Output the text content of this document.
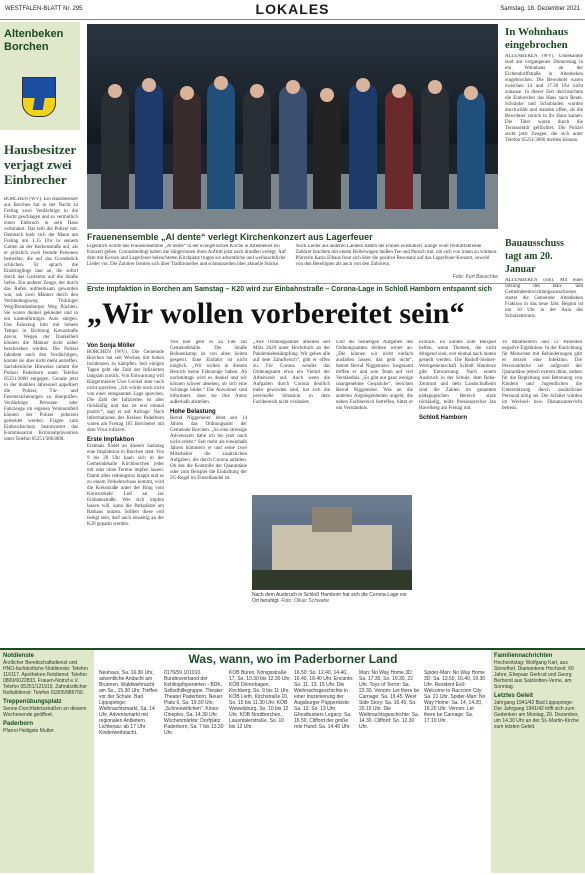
WESTFALEN-BLATT Nr. 295	LOKALES	Samstag, 18. Dezember 2021
Altenbeken
Borchen
Hausbesitzer verjagt zwei Einbrecher
BORCHEN (WV). Ein Hausbesitzer aus Borchen hat in der Nacht zu Freitag zwei Verdächtige in die Flucht geschlagen und so vermutlich einen Einbruch in sein Haus verhindert. Das teilt die Polizei mit. Demnach hielt sich der Mann am Freitag um 1.15 Uhr in seinem Garten an der Kerkenstraße auf, als er plötzlich zwei fremde Personen bemerkte, die auf das Grundstück schlichen. Er sprach die Eindringlinge laut an, die sofort durch das Gartentor auf die Straße liefen. Ein anderer Zeuge, der durch das Rufen aufmerksam geworden war, sah zwei Männer durch den Verbindungsweg Thüringer Weg/Brandenburger Weg flüchten. Sie waren dunkel gekleidet und in ein kastenförmiges Auto stiegen. Das Fahrzeug fuhr mit hohem Tempo in Richtung Kreuzstraße davon. Wegen der Dunkelheit können die Männer nicht näher beschrieben werden. Die Polizei fahndete nach den Verdächtigen, konnte sie aber nicht mehr antreffen. Sachdienliche Hinweise nimmt die Polizei Paderborn unter Telefon 05251/3060 entgegen. Gerade jetzt in der dunklen Jahreszeit appelliert die Polizei, Tür- und Fenstersicherungen zu überprüfen. Verdächtige Personen oder Fahrzeuge im eigenen Wohnumfeld können der Polizei jederzeit gemeldet werden. Fragen zum Einbruchschutz beantwortet das Kommissariat Kriminalprävention unter Telefon 05251/3063000.
Frauenensemble „Al dente“ verlegt Kirchenkonzert aus Lagerfeuer
Eigentlich wollte das Frauenensemble „Al dente“ in der evangelischen Kirche in Altenbeken ein Konzert geben. Coronabedingt haben die Sängerinnen ihren Auftritt jetzt nach draußen verlegt. Auf dem mit Kerzen und Lagerfeuer beleuchteten Kirchplatz trugen sie adventliche und weihnachtliche Lieder vor. Die Zuhörer freuten sich über Traditionelles und schmunzelten über aktuelle Stücke. Auch Lieder aus anderen Ländern hatten die Frauen einstudiert. Einige wohl freiluftfahrende Zuhörer brachten mit einem Bollerwagen heißen Tee und Punsch mit, um sich von innen zu wärmen. Pfarrerin Karin Elhaus freut sich über die positive Resonanz auf das Lagerfeuer-Konzert, sowohl von den Beteiligten als auch von den Zuhörern.
Foto: Kurt Bauschke
In Wohnhaus eingebrochen
ALTENBEKEN (WV). Unbekannte sind am vergangenen Donnerstag in ein Wohnhaus an der Eichendorffstraße in Altenbeken eingebrochen. Die Bewohner waren zwischen 14 und 17.30 Uhr nicht zuhause. In dieser Zeit durchsuchten die Einbrecher das Haus nach Beute. Schränke und Schubladen wurden durchwühlt und standen offen, als die Bewohner zurück in ihr Haus kamen. Die Täter waren durch die Terrassentür geflüchtet. Die Polizei sucht jetzt Zeugen, die sich unter Telefon 05251/3060 melden können.
Bauausschuss tagt am 20. Januar
ALTENBEKEN (om). Mit einer Sitzung des Bau- und Gemeindeentwicklungsausschusses startet die Gemeinde Altenbeken Fraktion in das neue Jahr. Beginn ist um 18 Uhr in der Aula des Schulzentrums.
Erste Impfaktion in Borchen am Samstag – K20 wird zur Einbahnstraße – Corona-Lage in Schloß Hamborn entspannt sich
„Wir wollen vorbereitet sein“
Von Sonja Möller
BORCHEN (WV). Die Gemeinde Borchen hat seit Wochen mit hohen Inzidenzen zu kämpfen. Seit einigen Tagen geht die Zahl der Infizierten langsam zurück. Von Entwarnung will Bürgermeister Uwe Gockel aber noch nicht sprechen. „Ich würde noch nicht von einer entspannten Lage sprechen. Die Zahl der Infizierten ist aber rückläufig und das ist erst einmal positiv“, sagt er auf Anfrage. Nach Informationen des Kreises Paderborn waren am Freitag 105 Borchener mit dem Virus infiziert.
Erste Impfaktion
Erstmals findet an diesem Samstag eine Impfaktion in Borchen statt. Von 9 bis 20 Uhr kann sich in der Gemeindehalle Kirchborchen jeder mit oder ohne Termin impfen lassen. Damit alles reibungslos klappt und es zu einem Verkehrschaos kommt, wird die Kreisstraße unter der Brug vom Kreisverkehr Lidl an zur Einbahnstraße. Wer sich impfen lassen will, kann die Parkplätze am Rathaus nutzen. Sollten diese voll belegt sein, darf auch einseitig an der K20 geparkt werden.
Von hier geht es zu Fuß zur Gemeindehalle. Die Straße Bohnenkamp ist von allen Seiten gesperrt. Eine Einfahrt ist nicht möglich. „Wir wollen in diesem Bereich keine Fahrzeuge haben. Ab nachmittags wird es dunkel und wir können schwer absehen, ob sich eine Schlange bildet.“ Die Anwohner sind informiert, dass sie ihre Autos außerhalb abstellen.
Hohe Belastung
Bernd Niggemeier leitet seit 14 Jahren das Ordnungsamt der Gemeinde Borchen. „So eine stressige Adventszeit habe ich bis jetzt noch nicht erlebt.“ Seit mehr als eineinhalb Jahren kümmern er und seine zwei Mitarbeiter die zusätzlichen Aufgaben, die durch Corona anfallen. Ob das die Kontrolle der Quarantäne oder zum Beispiel die Einhaltung der 2G-Regel im Einzelhandel ist.
„Alle Ordnungsämter arbeiten seit März 2020 unter Hochdruck an der Pandemiebekämpfung. Wir gehen alle auf dem Zahnfleisch“, gibt er offen zu. Für Corona wendet das Ordnungsamt etwa ein Viertel der Arbeitszeit auf. Auch wenn die Aufgaben durch Corona deutlich mehr geworden sind, hat sich die personelle Situation in dem Fachbereich nicht verändert.
Und die bisherigen Aufgaben des Ordnungsamtes bleiben weiter an. „Die können wir nicht einfach ausfallen lassen, das geht nicht“, betont Bernd Niggemeier. Insgesamt treffen er und sein Team auf viel Verständnis. „Es gibt nur ganz wenige unangenehme Gespräche“, berichtet Bernd Niggemeier. Was an die anderen Angelegenheiten angeht, die neben Fachbereich betreffen, bittet er um Verständnis.
Einfach. Es könnte zum Beispiel helfen, wenn Themen, die nicht dringend sind, erst einmal nach hinten gestellt werden. Die Rudolf-Steiner-Werkgemeinschaft Schloß Hamborn gibt Entwarnung: Nach einem Ausbruch in der Schule, dem Reha-Zentrum und dem Landschulheim sind die Zahlen im gesamten pädagogischen Bereich stark rückläufig, teilte Pressesprecher Jan Havelberg am Freitag mit.
Schloß Hamborn
16 Mitarbeitern und 12 Patienten negative Ergebnisse. In der Einrichtung für Menschen mit Behinderungen gibt es derzeit eine Infektion. Die Personaldecke sei aufgrund der Quarantäne jedoch extrem dünn, sodass für die Begleitung und Betreuung von Kindern und Jugendlichen die Unterstützung durch zusätzliches Personal nötig sei. Die Schüler würden im Wechsel- bzw. Distanzunterricht betreut.
Nach dem Ausbruch in Schloß Hamborn hat sich die Corona-Lage vor Ort beruhigt. Foto: Oliver Schwabe
Notdienste
Ärztlicher Bereitschaftsdienst und HNO-fachärztliche Notdienste: Telefon 116117. Apotheken-Notdienst: Telefon 0800/0022833. Frauen-Notruf e.V. Telefon 05251/121919. Zahnärztlicher Notfalldienst: Telefon 01805/986700.
Treppenübungsplatz
Senne-Durchfahrtsstraßen an diesem Wochenende geöffnet.
Paderborn
Pfarrei Heiligste Mutter.
Was, wann, wo im Paderborner Land
Neuhaus, Sa. 16.30 Uhr, adventliche Andacht am Brunnen. Waldweihnacht am So., 15.30 Uhr. Treffen vor der Schule. Bad Lippspringe: Weihnachtsmarkt, Sa. 14 Uhr, Adventsmarkt mit regionalen Anbietern. Lichtenau: ab 17 Uhr Kinderweihnacht.
0176/59 101010. Bundesverband der Kehlkopfoperierten - BDK, Selbsthilfegruppe. Theater: Theater Paderborn, Neuer Platz 6, Sa. 19.30 Uhr, „Schneewittchen“. Kinos: Cineplex, Sa. 14.30 Uhr. Wochenmärkte: Dorfplatz Paderborn, Sa. 7 bis 13.30 Uhr.
KÖB Büren, Königsstraße 17, So. 10.30 bis 12.30 Uhr. KÖB Dörenhagen, Kirchberg, So. 9 bis 11 Uhr. KÖB Lieth, Kirchstraße 10, So. 10 bis 11.30 Uhr. KÖB Wewelsburg, So. 10 bis 12 Uhr. KÖB Nordborchen, Lauentalerstraße, So. 10 bis 12 Uhr.
16.50: So. 12.40, 14.40, 16.40, 18.40 Uhr. Encanto: So. 11, 13, 15 Uhr. Die Weihnachsgeschichte in einer Inszenierung der Augsburger Puppenkiste: Sa. 13: So. 13 Uhr. Ghostbusters Legacy: Sa. 16.50. Clifford der große rote Hund: Sa. 14.40 Uhr.
Man: No Way Home 3D: Sa. 17.30, So. 19.30, 22 Uhr. Toys of Terror: Sa. 23.30. Venom: Let there be Carnage: Sa. 19.45. West Side Story: Sa. 16.45, So. 20.15 Uhr. Die Weihnachtsgeschichte: Sa. 14.30. Clifford: So. 12.30 Uhr.
Spider-Man: No Way Home 3D: Sa. 13.50, 16.40, 19.30 Uhr. Resident Evil: Welcome to Raccoon City: Sa. 21 Uhr. Spider-Man: No Way Home: Sa. 14, 14.20, 16.20 Uhr. Venom: Let there be Carnage: Sa. 17.10 Uhr.
Familiennachrichten
Hochzeitstag: Wolfgang Karl, aus Stovelhof, Diamantene Hochzeit: 60 Jahre, Ehepaar Gertrud und Georg Berhorst aus Salzkotten-Verne, am Sonntag.
Letztes Geleit
Jahrgang 1941/42 Bad Lippspringe: Der Jahrgang 1941/42 trifft sich zum Gedenken am Montag, 20. Dezember, um 14.30 Uhr an der St.-Martin-Kirche zum letzten Geleit.
